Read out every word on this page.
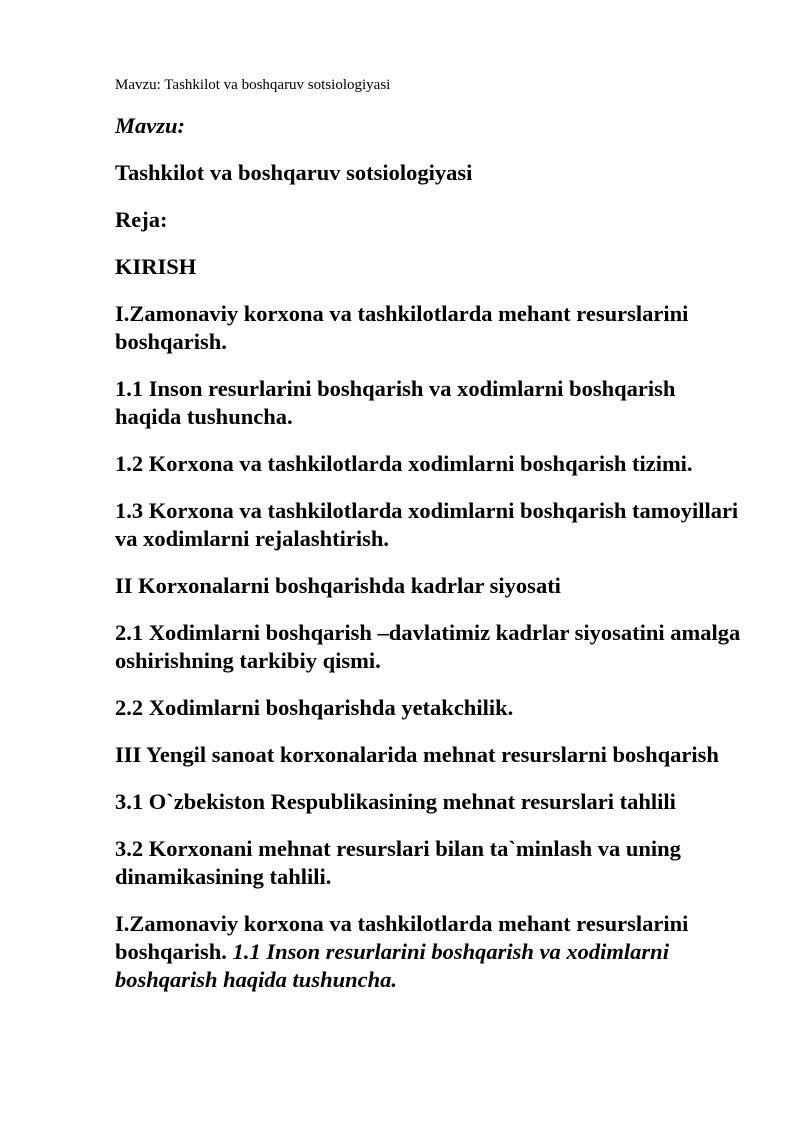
Mavzu: Tashkilot va boshqaruv sotsiologiyasi
Mavzu:
Tashkilot va boshqaruv sotsiologiyasi
Reja:
KIRISH
I.Zamonaviy korxona va tashkilotlarda mehant resurslarini boshqarish.
1.1 Inson resurlarini boshqarish va xodimlarni boshqarish haqida tushuncha.
1.2 Korxona va tashkilotlarda xodimlarni boshqarish tizimi.
1.3 Korxona va tashkilotlarda xodimlarni boshqarish tamoyillari va xodimlarni rejalashtirish.
II Korxonalarni boshqarishda kadrlar siyosati
2.1 Xodimlarni boshqarish –davlatimiz kadrlar siyosatini amalga oshirishning tarkibiy qismi.
2.2 Xodimlarni boshqarishda yetakchilik.
III Yengil sanoat korxonalarida mehnat resurslarni boshqarish
3.1 O`zbekiston Respublikasining mehnat resurslari tahlili
3.2 Korxonani mehnat resurslari bilan ta`minlash va uning dinamikasining tahlili.
I.Zamonaviy korxona va tashkilotlarda mehant resurslarini boshqarish. 1.1 Inson resurlarini boshqarish va xodimlarni boshqarish haqida tushuncha.
